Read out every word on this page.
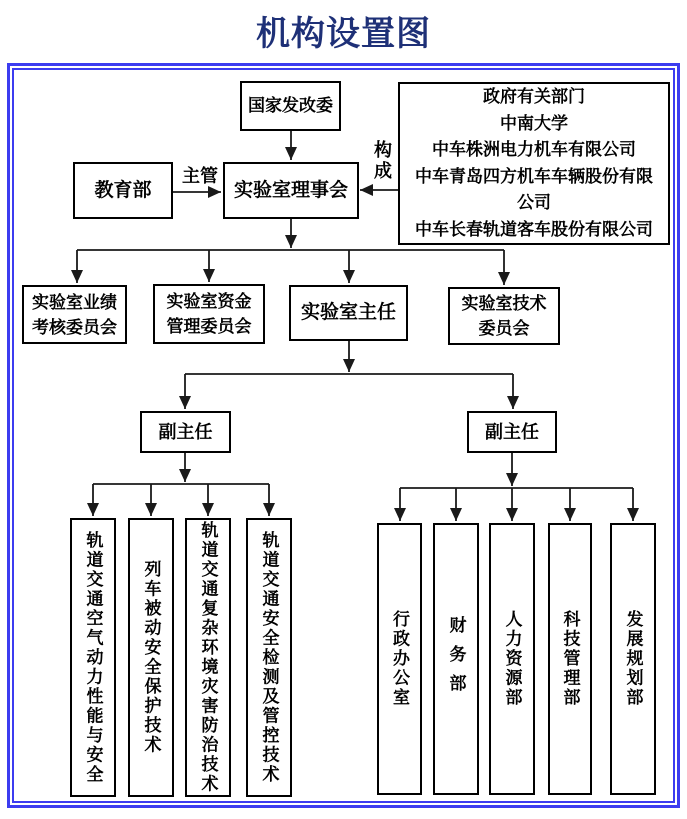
机构设置图
主管	构成
国家发改委
教育部	实验室理事会
政府有关部门
中南大学
中车株洲电力机车有限公司
中车青岛四方机车车辆股份有限
公司
中车长春轨道客车股份有限公司
实验室业绩
考核委员会
实验室资金
管理委员会
实验室主任	实验室技术
委员会
副主任	副主任
轨道交通空气动力性能与安全	列车被动安全保护技术	轨道交通复杂环境灾害防治技术	轨道交通安全检测及管控技术	行政办公室	财务部	人力资源部	科技管理部	发展规划部
